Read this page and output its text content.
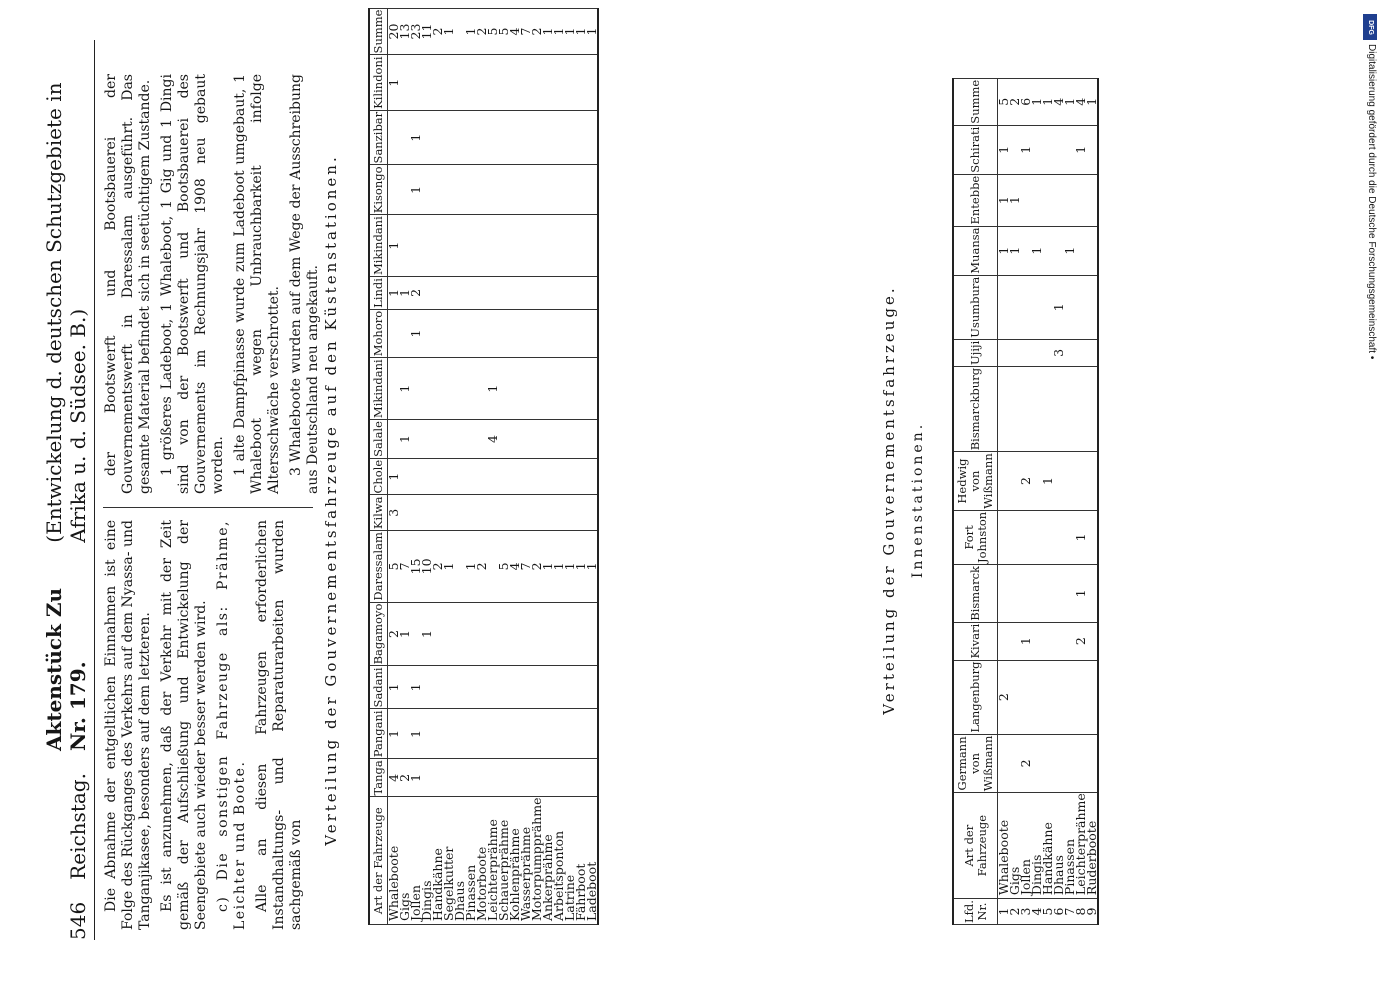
546
Reichstag.
Aktenstück Zu Nr. 179.
(Entwickelung d. deutschen Schutzgebiete in Afrika u. d. Südsee. B.)

Die Abnahme der entgeltlichen Einnahmen ist eine Folge des Rückganges des Verkehrs auf dem Nyassa- und Tanganjikasee, besonders auf dem letzteren. Es ist anzunehmen, daß der Verkehr mit der Zeit gemäß der Aufschließung und Entwickelung der Seengebiete auch wieder besser werden wird. c) Die sonstigen Fahrzeuge als: Prähme, Leichter und Boote. Alle an diesen Fahrzeugen erforderlichen Instandhaltungs- und Reparaturarbeiten wurden sachgemäß von

der Bootswerft und Bootsbauerei der Gouvernementswerft in Daressalam ausgeführt. Das gesamte Material befindet sich in seetüchtigem Zustande. 1 größeres Ladeboot, 1 Whaleboot, 1 Gig und 1 Dingi sind von der Bootswerft und Bootsbauerei des Gouvernements im Rechnungsjahr 1908 neu gebaut worden. 1 alte Dampfpinasse wurde zum Ladeboot umgebaut, 1 Whaleboot wegen Unbrauchbarkeit infolge Altersschwäche verschrottet. 3 Whaleboote wurden auf dem Wege der Ausschreibung aus Deutschland neu angekauft. Verteilung der Gouvernementsfahrzeuge auf den Küstenstationen.
Art der Fahrzeuge	Tanga	Pangani	Sadani	Bagamoyo	Daressalam	Kilwa	Chole	Salale	Mikindani	Mohoro	Lindi	Mikindani	Kisongo	Sanzibar	Kilindoni	Summe
Whaleboote	4	1	1	2	5	3	1				1	1			1	20
Gigs	2			1	7			1	1		1					13
Jollen	1	1	1		15					1	2		1	1		23
Dingis				1	10											11
Handkähne					2											2
Segelkutter					1											1
Dhaus																
Pinassen					1											1
Motorboote					2											2
Leichterprähme								4	1							5
Schauerprähme					5											5
Kohlenprähme					4											4
Wasserprähme					7											7
Motorpumpprähme					2											2
Ankerprähme					1											1
Arbeitsponton					1											1
Latrine					1											1
Fährboot					1											1
Ladeboot					1											1
Verteilung der Gouvernementsfahrzeuge. Innenstationen.
Lfd. Nr.	Art der Fahrzeuge	Germann von Wißmann	Langenburg	Kivari	Bismarck	Fort Johnston	Hedwig von Wißmann	Bismarckburg	Ujiji	Usumbura	Muansa	Entebbe	Schirati	Summe
1	Whaleboote		2								1	1	1	5
2	Gigs										1	1		2
3	Jollen	2		1			2						1	6
4	Dingis										1			1
5	Handkähne						1							1
6	Dhaus								3	1				4
7	Pinassen										1			1
8	Leichterprähme			2	1	1							1	4
9	Ruderboote													1
DFG
Digitalisierung gefördert durch die Deutsche Forschungsgemeinschaft •
